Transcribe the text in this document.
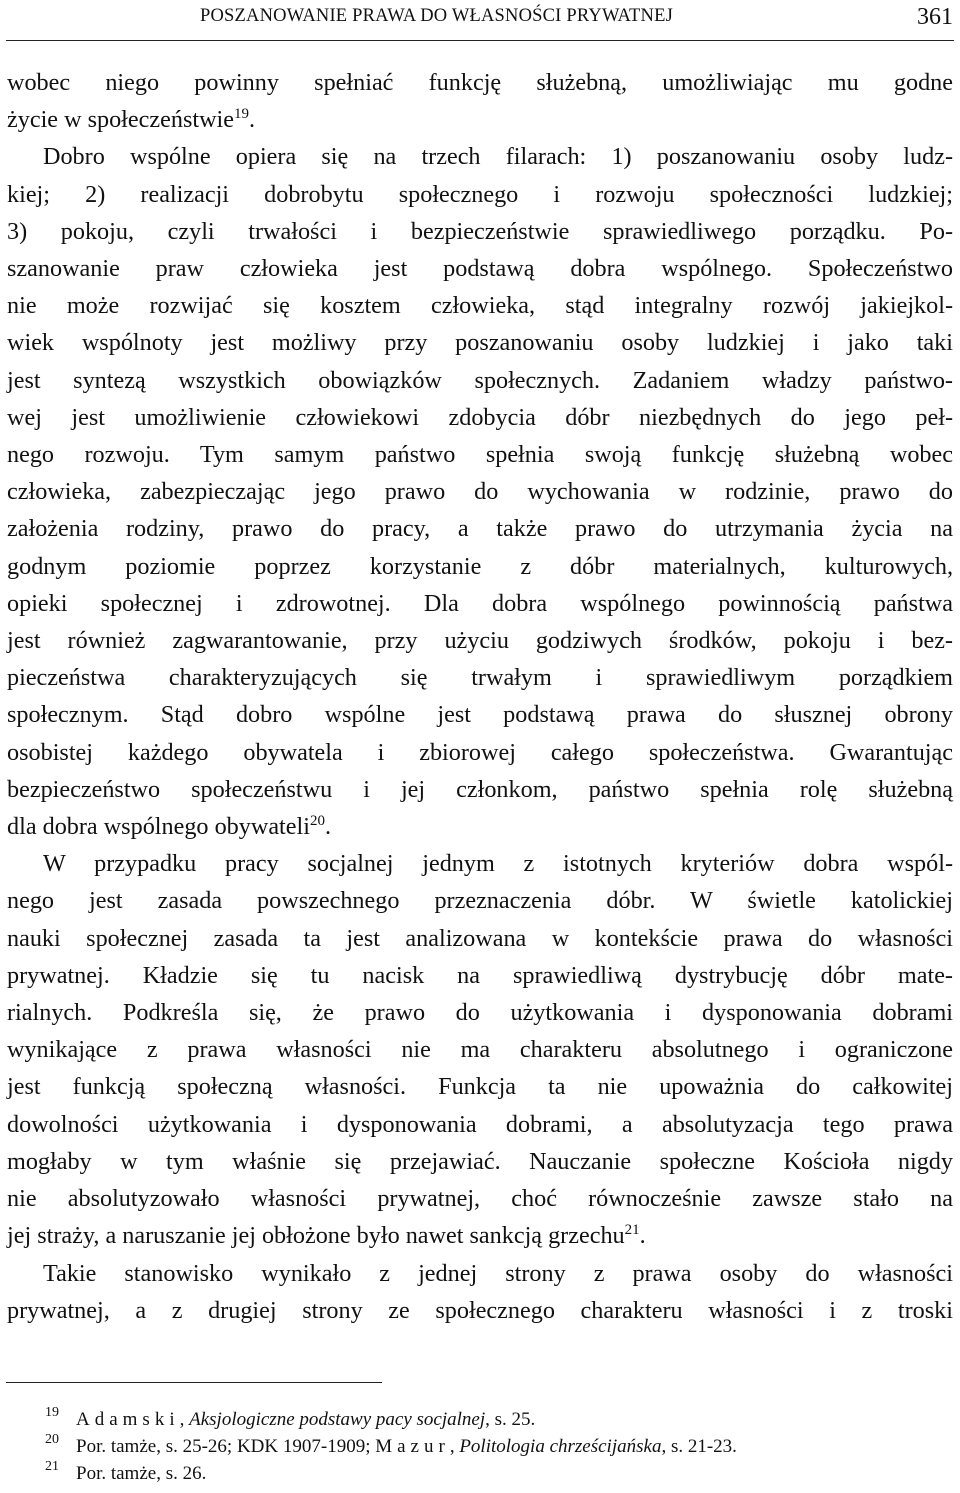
POSZANOWANIE PRAWA DO WŁASNOŚCI PRYWATNEJ	361
wobec niego powinny spełniać funkcję służebną, umożliwiając mu godne
życie w społeczeństwie$^{19}$.
Dobro wspólne opiera się na trzech filarach: 1) poszanowaniu osoby ludz-
kiej; 2) realizacji dobrobytu społecznego i rozwoju społeczności ludzkiej;
3) pokoju, czyli trwałości i bezpieczeństwie sprawiedliwego porządku. Po-
szanowanie praw człowieka jest podstawą dobra wspólnego. Społeczeństwo
nie może rozwijać się kosztem człowieka, stąd integralny rozwój jakiejkol-
wiek wspólnoty jest możliwy przy poszanowaniu osoby ludzkiej i jako taki
jest syntezą wszystkich obowiązków społecznych. Zadaniem władzy państwo-
wej jest umożliwienie człowiekowi zdobycia dóbr niezbędnych do jego peł-
nego rozwoju. Tym samym państwo spełnia swoją funkcję służebną wobec
człowieka, zabezpieczając jego prawo do wychowania w rodzinie, prawo do
założenia rodziny, prawo do pracy, a także prawo do utrzymania życia na
godnym poziomie poprzez korzystanie z dóbr materialnych, kulturowych,
opieki społecznej i zdrowotnej. Dla dobra wspólnego powinnością państwa
jest również zagwarantowanie, przy użyciu godziwych środków, pokoju i bez-
pieczeństwa charakteryzujących się trwałym i sprawiedliwym porządkiem
społecznym. Stąd dobro wspólne jest podstawą prawa do słusznej obrony
osobistej każdego obywatela i zbiorowej całego społeczeństwa. Gwarantując
bezpieczeństwo społeczeństwu i jej członkom, państwo spełnia rolę służebną
dla dobra wspólnego obywateli$^{20}$.
W przypadku pracy socjalnej jednym z istotnych kryteriów dobra wspól-
nego jest zasada powszechnego przeznaczenia dóbr. W świetle katolickiej
nauki społecznej zasada ta jest analizowana w kontekście prawa do własności
prywatnej. Kładzie się tu nacisk na sprawiedliwą dystrybucję dóbr mate-
rialnych. Podkreśla się, że prawo do użytkowania i dysponowania dobrami
wynikające z prawa własności nie ma charakteru absolutnego i ograniczone
jest funkcją społeczną własności. Funkcja ta nie upoważnia do całkowitej
dowolności użytkowania i dysponowania dobrami, a absolutyzacja tego prawa
mogłaby w tym właśnie się przejawiać. Nauczanie społeczne Kościoła nigdy
nie absolutyzowało własności prywatnej, choć równocześnie zawsze stało na
jej straży, a naruszanie jej obłożone było nawet sankcją grzechu$^{21}$.
Takie stanowisko wynikało z jednej strony z prawa osoby do własności
prywatnej, a z drugiej strony ze społecznego charakteru własności i z troski
19 Adamski, Aksjologiczne podstawy pacy socjalnej, s. 25.
20 Por. tamże, s. 25-26; KDK 1907-1909; Mazur, Politologia chrześcijańska, s. 21-23.
21 Por. tamże, s. 26.
